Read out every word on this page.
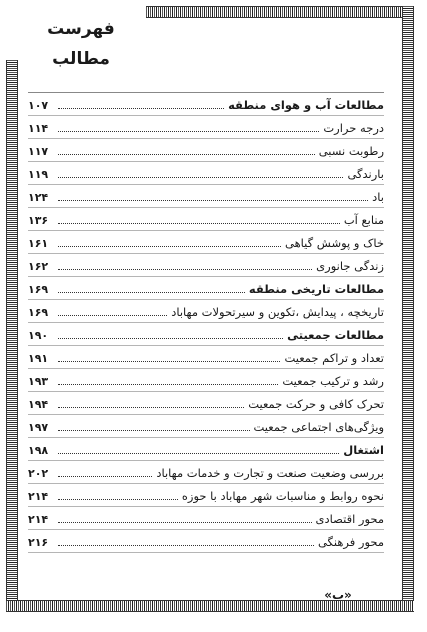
فهرست مطالب
مطالعات آب و هوای منطقه
۱۰۷
درجه حرارت
۱۱۴
رطوبت نسبی
۱۱۷
بارندگی
۱۱۹
باد
۱۲۴
منابع آب
۱۳۶
خاک و پوشش گیاهی
۱۶۱
زندگی جانوری
۱۶۲
مطالعات تاریخی منطقه
۱۶۹
تاریخچه ، پیدایش ،تکوین و سیرتحولات مهاباد
۱۶۹
مطالعات جمعیتی
۱۹۰
تعداد و تراکم جمعیت
۱۹۱
رشد و ترکیب جمعیت
۱۹۳
تحرک کافی و حرکت جمعیت
۱۹۴
ویژگی‌های اجتماعی جمعیت
۱۹۷
اشتغال
۱۹۸
بررسی وضعیت صنعت و تجارت و خدمات مهاباد
۲۰۲
نحوه روابط و مناسبات شهر مهاباد با حوزه
۲۱۴
محور اقتصادی
۲۱۴
محور فرهنگی
۲۱۶
«ب»
